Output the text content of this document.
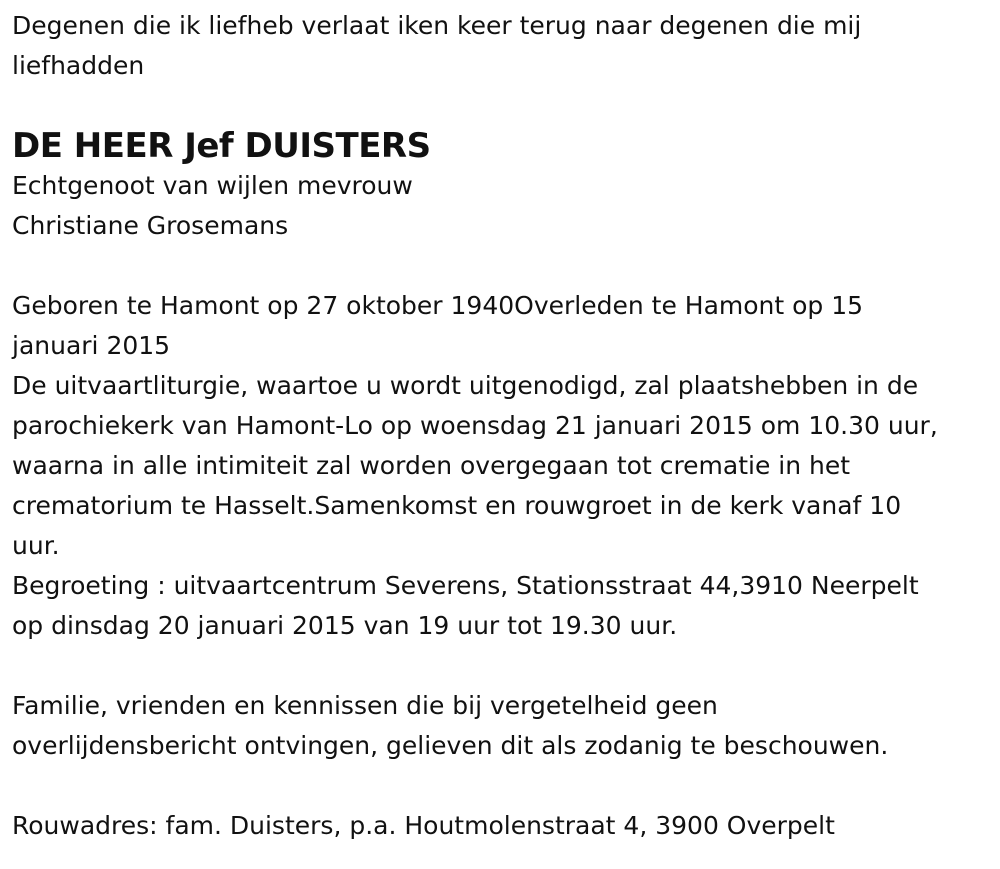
Degenen die ik liefheb verlaat iken keer terug naar degenen die mij
liefhadden
DE HEER Jef DUISTERS
Echtgenoot van wijlen mevrouw
Christiane Grosemans
Geboren te Hamont op 27 oktober 1940Overleden te Hamont op 15
januari 2015
De uitvaartliturgie, waartoe u wordt uitgenodigd, zal plaatshebben in de
parochiekerk van Hamont-Lo op woensdag 21 januari 2015 om 10.30 uur,
waarna in alle intimiteit zal worden overgegaan tot crematie in het
crematorium te Hasselt.Samenkomst en rouwgroet in de kerk vanaf 10
uur.
Begroeting : uitvaartcentrum Severens, Stationsstraat 44,3910 Neerpelt
op dinsdag 20 januari 2015 van 19 uur tot 19.30 uur.
Familie, vrienden en kennissen die bij vergetelheid geen
overlijdensbericht ontvingen, gelieven dit als zodanig te beschouwen.
Rouwadres: fam. Duisters, p.a. Houtmolenstraat 4, 3900 Overpelt
